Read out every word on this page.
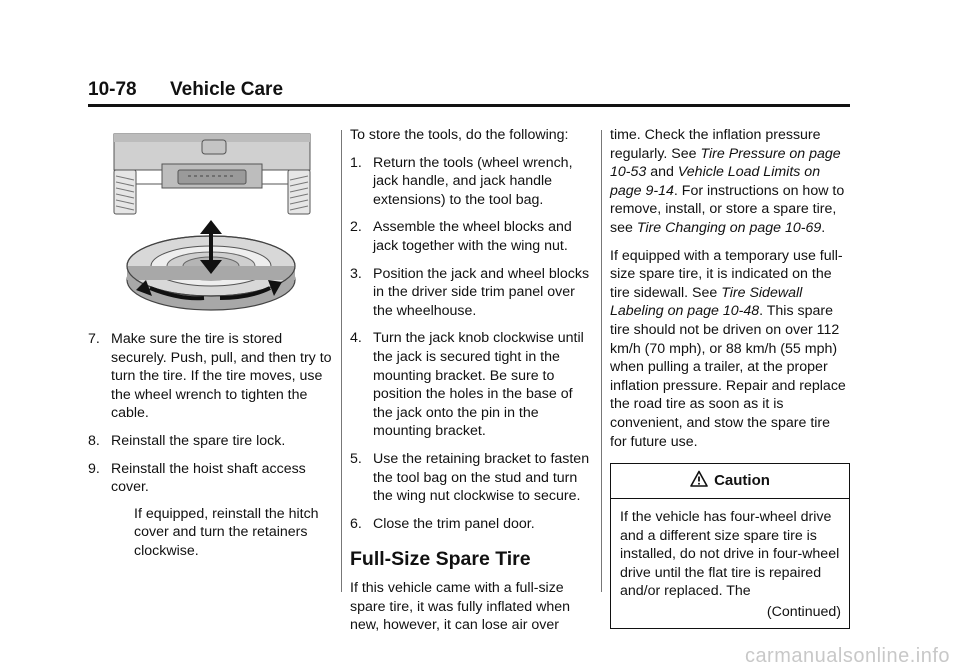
10-78 Vehicle Care
7. Make sure the tire is stored securely. Push, pull, and then try to turn the tire. If the tire moves, use the wheel wrench to tighten the cable.
8. Reinstall the spare tire lock.
9. Reinstall the hoist shaft access cover.
If equipped, reinstall the hitch cover and turn the retainers clockwise.

To store the tools, do the following:

1. Return the tools (wheel wrench, jack handle, and jack handle extensions) to the tool bag.
2. Assemble the wheel blocks and jack together with the wing nut.
3. Position the jack and wheel blocks in the driver side trim panel over the wheelhouse.
4. Turn the jack knob clockwise until the jack is secured tight in the mounting bracket. Be sure to position the holes in the base of the jack onto the pin in the mounting bracket.
5. Use the retaining bracket to fasten the tool bag on the stud and turn the wing nut clockwise to secure.
6. Close the trim panel door.
Full-Size Spare Tire

If this vehicle came with a full-size spare tire, it was fully inflated when new, however, it can lose air over

time. Check the inflation pressure regularly. See Tire Pressure on page 10-53 and Vehicle Load Limits on page 9-14. For instructions on how to remove, install, or store a spare tire, see Tire Changing on page 10-69.

If equipped with a temporary use full-size spare tire, it is indicated on the tire sidewall. See Tire Sidewall Labeling on page 10-48. This spare tire should not be driven on over 112 km/h (70 mph), or 88 km/h (55 mph) when pulling a trailer, at the proper inflation pressure. Repair and replace the road tire as soon as it is convenient, and stow the spare tire for future use.

Caution
If the vehicle has four-wheel drive and a different size spare tire is installed, do not drive in four-wheel drive until the flat tire is repaired and/or replaced. The
(Continued)
carmanualsonline.info
